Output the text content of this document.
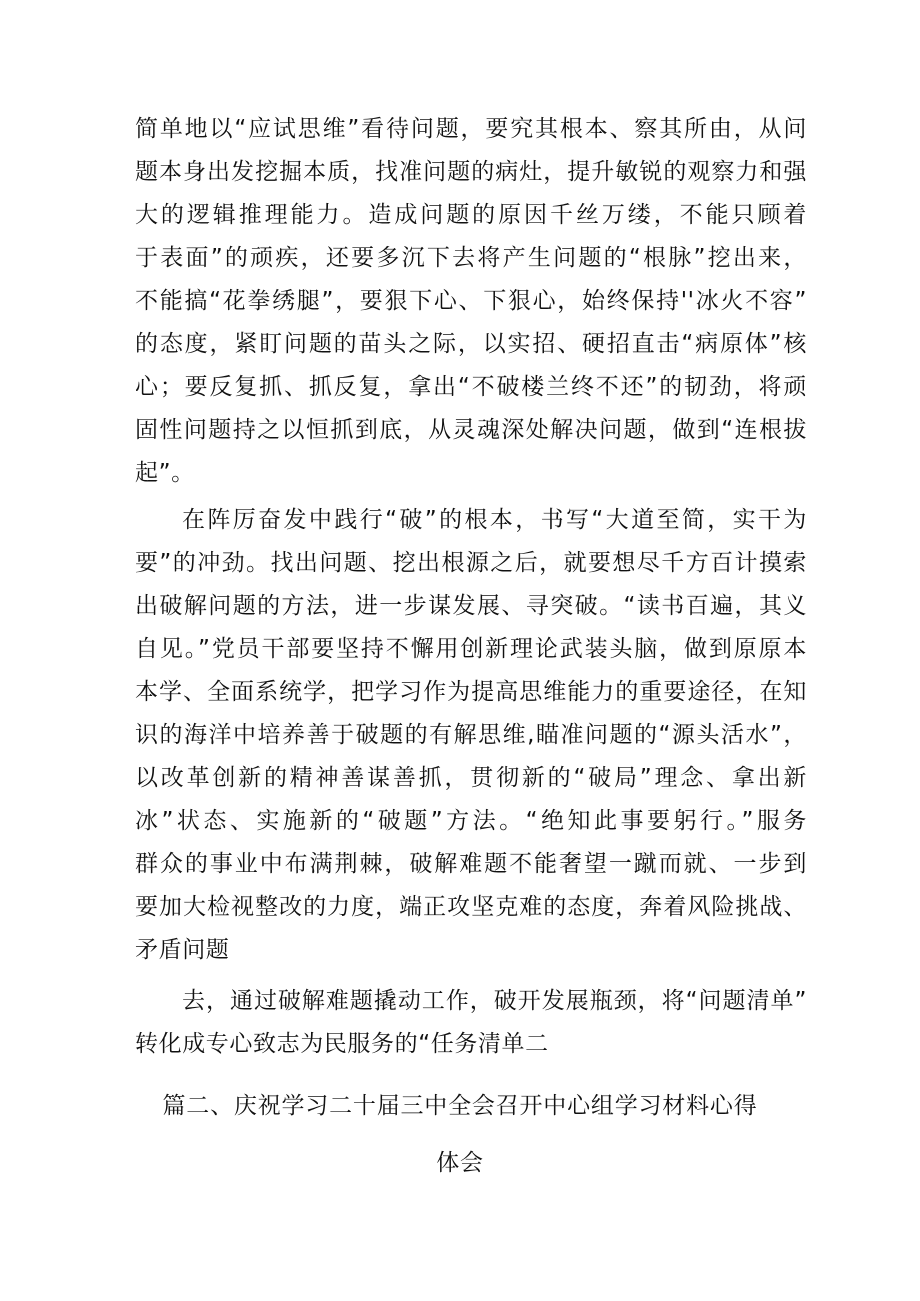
简单地以“应试思维”看待问题，要究其根本、察其所由，从问
题本身出发挖掘本质，找准问题的病灶，提升敏锐的观察力和强
大的逻辑推理能力。造成问题的原因千丝万缕，不能只顾着
于表面”的顽疾，还要多沉下去将产生问题的“根脉”挖出来，
不能搞“花拳绣腿”，要狠下心、下狠心，始终保持''冰火不容”
的态度，紧盯问题的苗头之际，以实招、硬招直击“病原体”核
心；要反复抓、抓反复，拿出“不破楼兰终不还”的韧劲，将顽
固性问题持之以恒抓到底，从灵魂深处解决问题，做到“连根拔
起”。
在阵厉奋发中践行“破”的根本，书写“大道至简，实干为
要”的冲劲。找出问题、挖出根源之后，就要想尽千方百计摸索
出破解问题的方法，进一步谋发展、寻突破。“读书百遍，其义
自见。”党员干部要坚持不懈用创新理论武装头脑，做到原原本
本学、全面系统学，把学习作为提高思维能力的重要途径，在知
识的海洋中培养善于破题的有解思维,瞄准问题的“源头活水”，
以改革创新的精神善谋善抓，贯彻新的“破局”理念、拿出新
冰”状态、实施新的“破题”方法。“绝知此事要躬行。”服务
群众的事业中布满荆棘，破解难题不能奢望一蹴而就、一步到
要加大检视整改的力度，端正攻坚克难的态度，奔着风险挑战、
矛盾问题
去，通过破解难题撬动工作，破开发展瓶颈，将“问题清单”
转化成专心致志为民服务的“任务清单二
篇二、庆祝学习二十届三中全会召开中心组学习材料心得
体会
